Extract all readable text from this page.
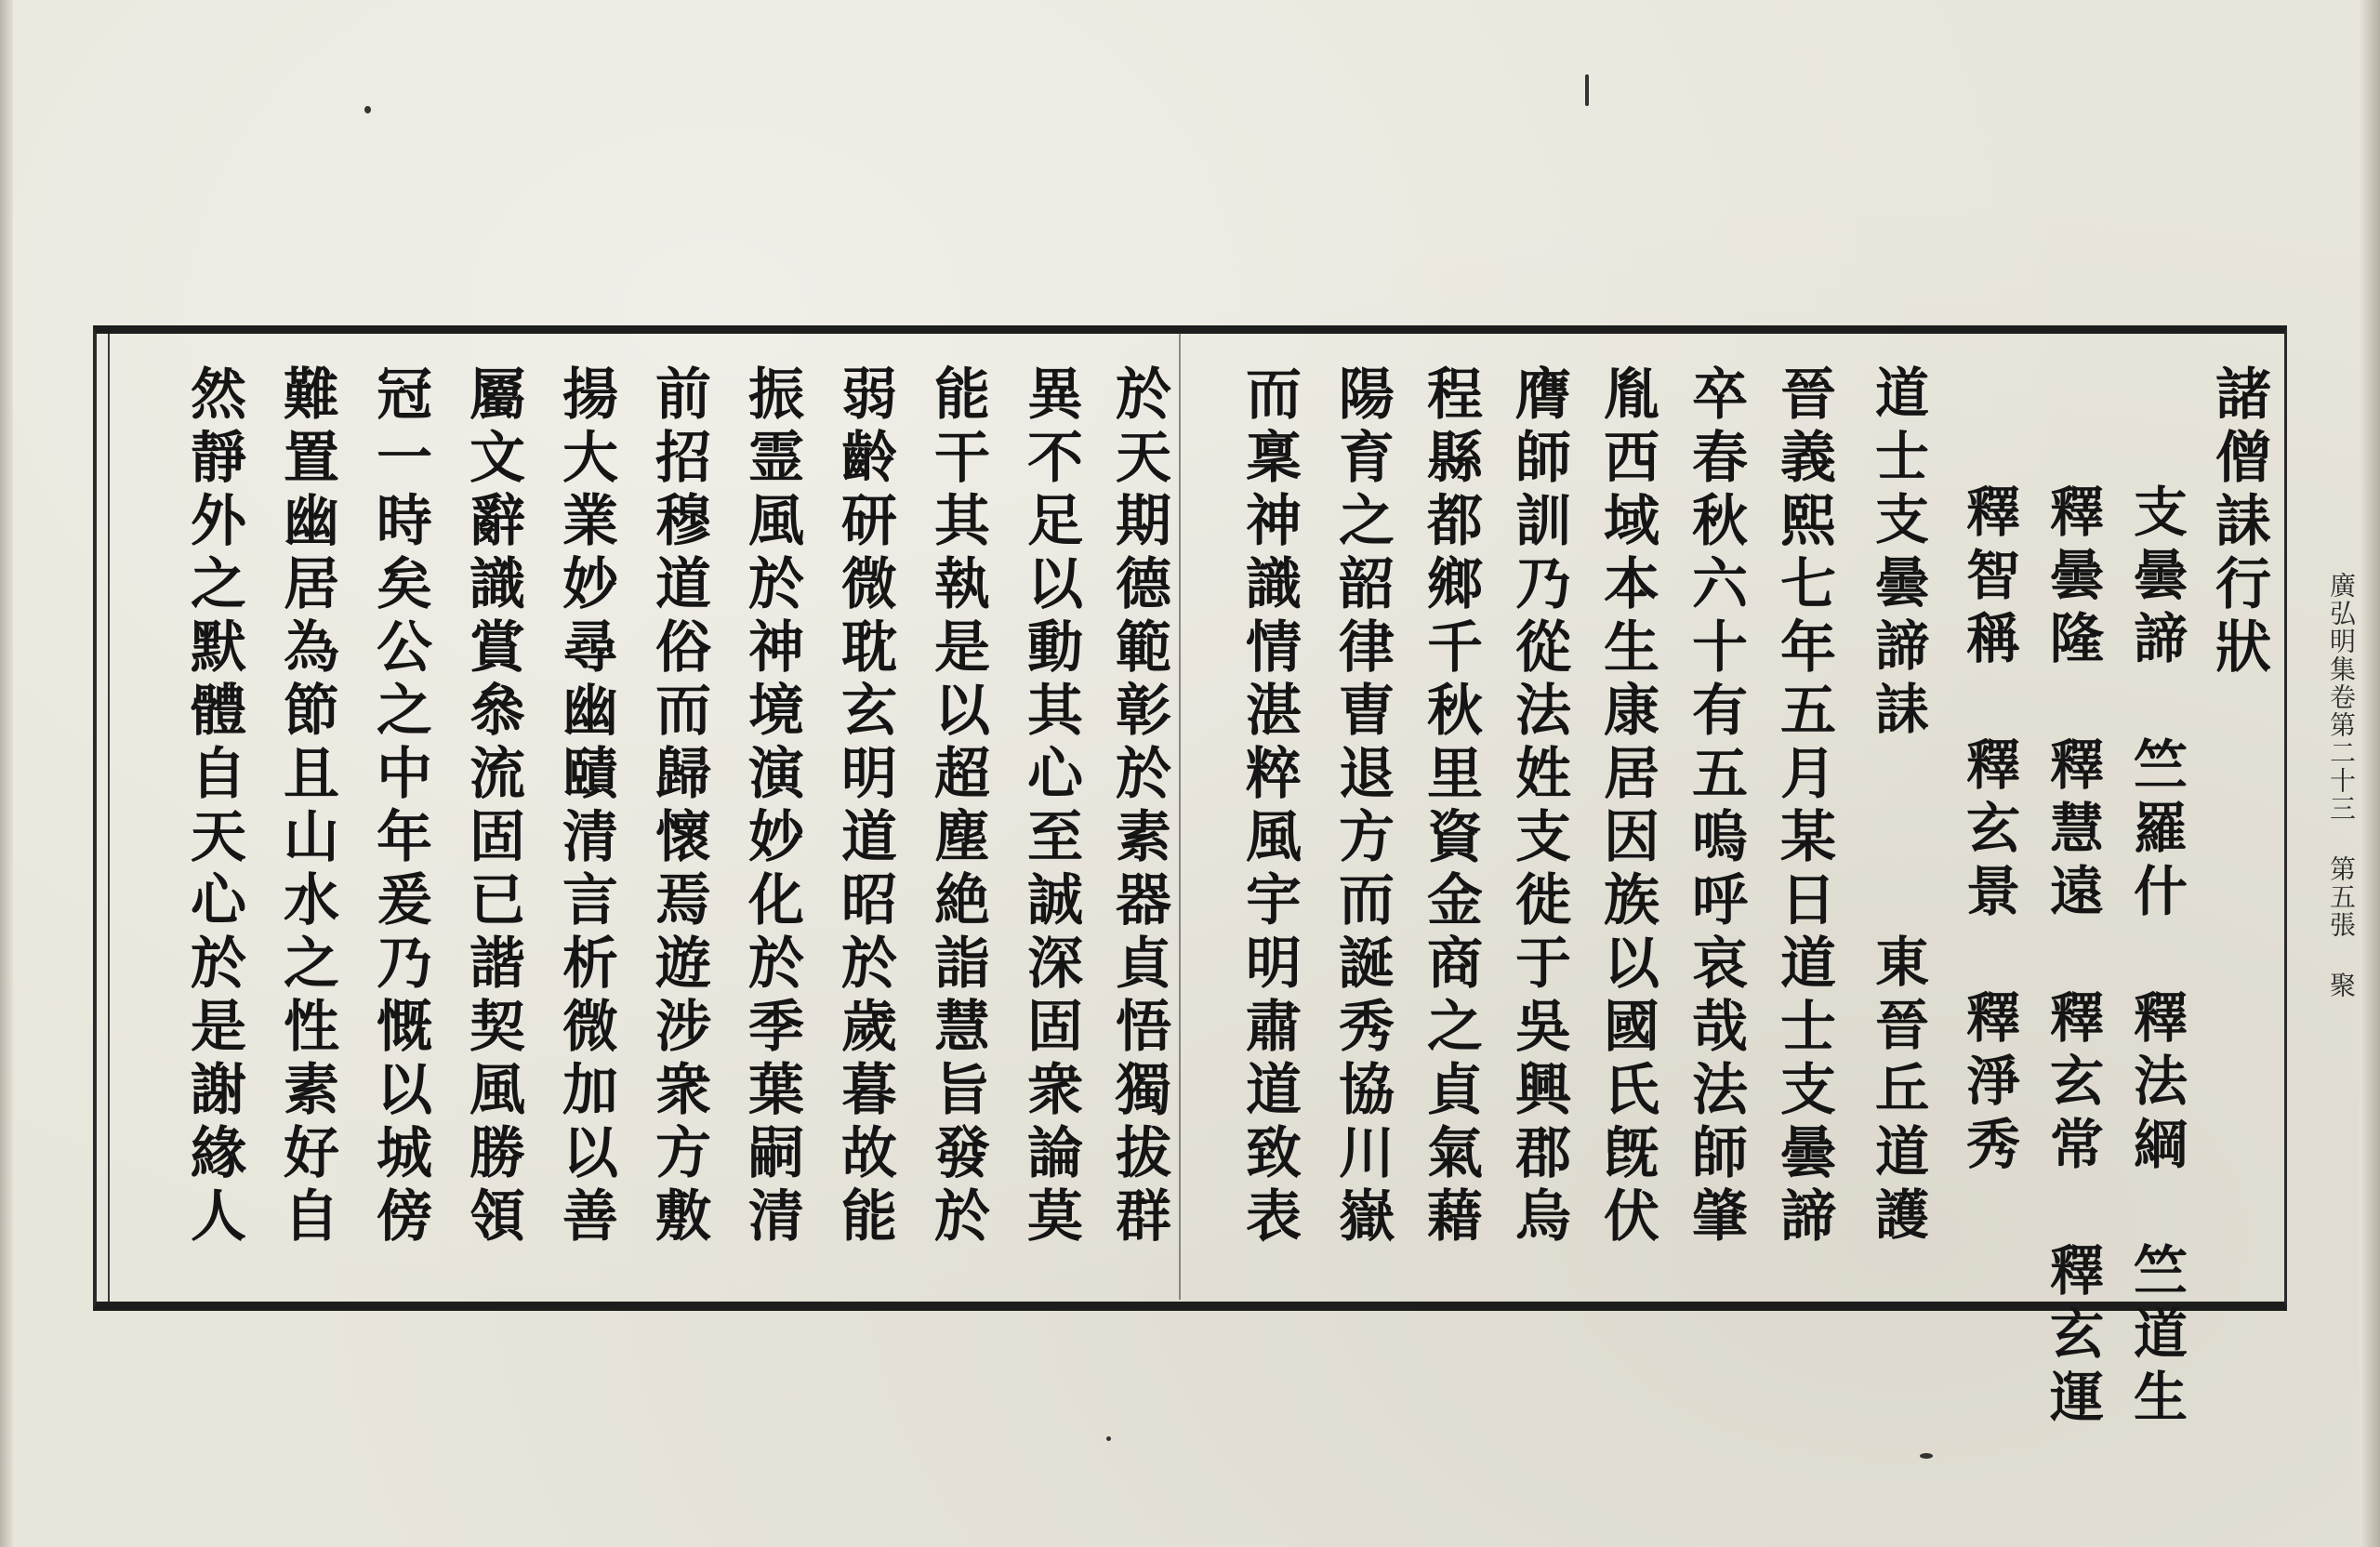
廣弘明集卷第二十三 第五張 聚
諸僧誄行狀
支曇諦　竺羅什　釋法綱　竺道生
釋曇隆　釋慧遠　釋玄常　釋玄運
釋智稱　釋玄景　釋淨秀
道士支曇諦誄　　　東晉丘道護
晉義熙七年五月某日道士支曇諦
卒春秋六十有五嗚呼哀哉法師肇
胤西域本生康居因族以國氏旣伏
膺師訓乃從法姓支徙于吳興郡烏
程縣都鄉千秋里資金商之貞氣藉
陽育之韶律曺退方而誕秀協川嶽
而稟神識情湛粹風宇明肅道致表
於天期德範彰於素器貞悟獨拔群
異不足以動其心至誠深固衆論莫
能干其執是以超塵絶詣慧旨發於
弱齡研微耽玄明道昭於歲暮故能
振霊風於神境演妙化於季葉嗣清
前招穆道俗而歸懷焉遊涉衆方敷
揚大業妙尋幽賾清言析微加以善
屬文辭識賞叅流固已諧契風勝領
冠一時矣公之中年爰乃慨以城傍
難置幽居為節且山水之性素好自
然靜外之默體自天心於是謝緣人
